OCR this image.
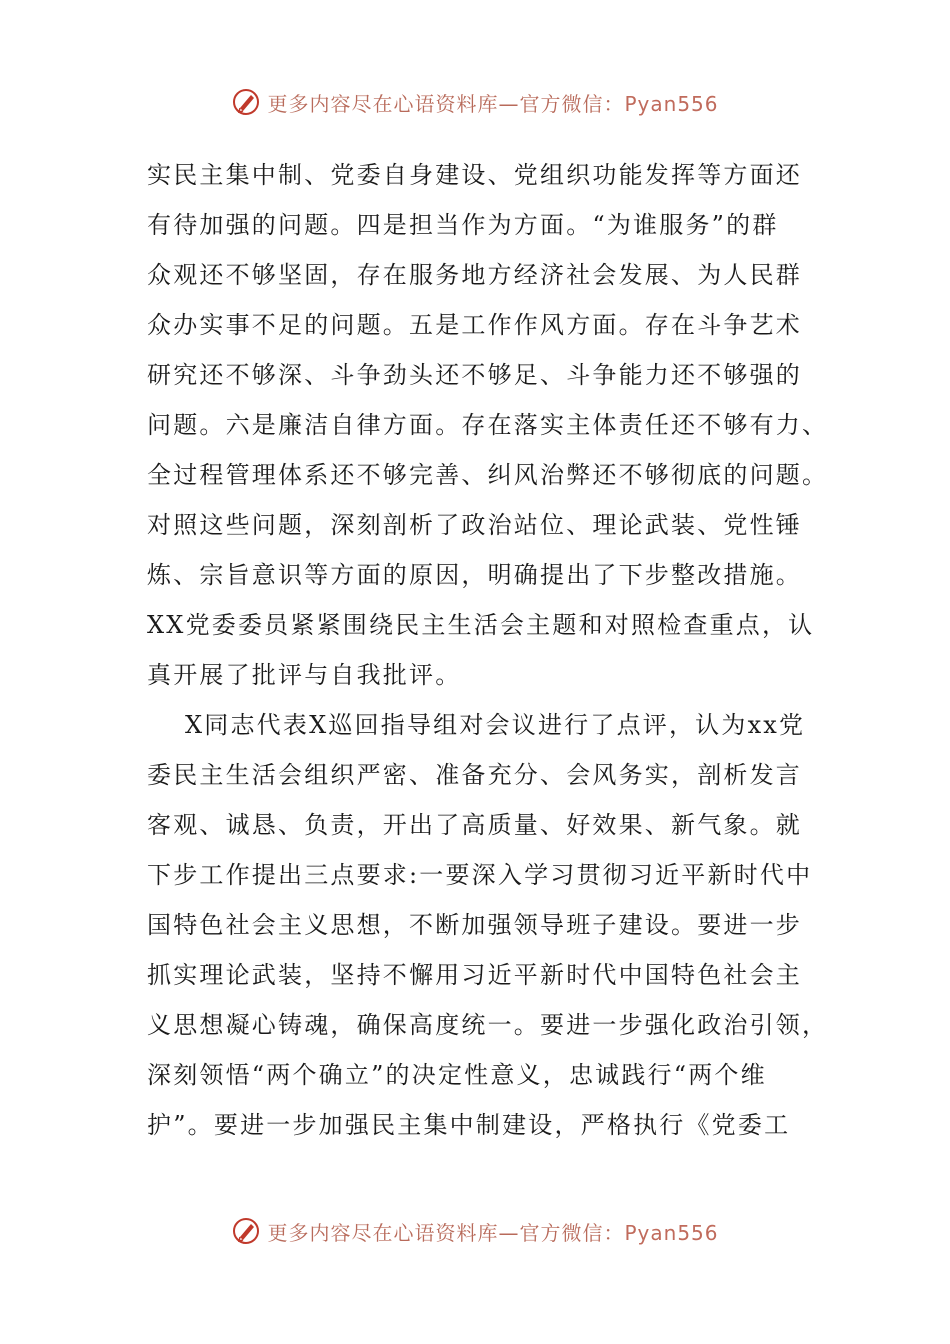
更多内容尽在心语资料库—官方微信：Pyan556
实民主集中制、党委自身建设、党组织功能发挥等方面还
有待加强的问题。四是担当作为方面。“为谁服务”的群
众观还不够坚固，存在服务地方经济社会发展、为人民群
众办实事不足的问题。五是工作作风方面。存在斗争艺术
研究还不够深、斗争劲头还不够足、斗争能力还不够强的
问题。六是廉洁自律方面。存在落实主体责任还不够有力、
全过程管理体系还不够完善、纠风治弊还不够彻底的问题。
对照这些问题，深刻剖析了政治站位、理论武装、党性锤
炼、宗旨意识等方面的原因，明确提出了下步整改措施。
XX党委委员紧紧围绕民主生活会主题和对照检查重点，认
真开展了批评与自我批评。
X同志代表X巡回指导组对会议进行了点评，认为xx党
委民主生活会组织严密、准备充分、会风务实，剖析发言
客观、诚恳、负责，开出了高质量、好效果、新气象。就
下步工作提出三点要求:一要深入学习贯彻习近平新时代中
国特色社会主义思想，不断加强领导班子建设。要进一步
抓实理论武装，坚持不懈用习近平新时代中国特色社会主
义思想凝心铸魂，确保高度统一。要进一步强化政治引领，
深刻领悟“两个确立”的决定性意义，忠诚践行“两个维
护”。要进一步加强民主集中制建设，严格执行《党委工
更多内容尽在心语资料库—官方微信：Pyan556
